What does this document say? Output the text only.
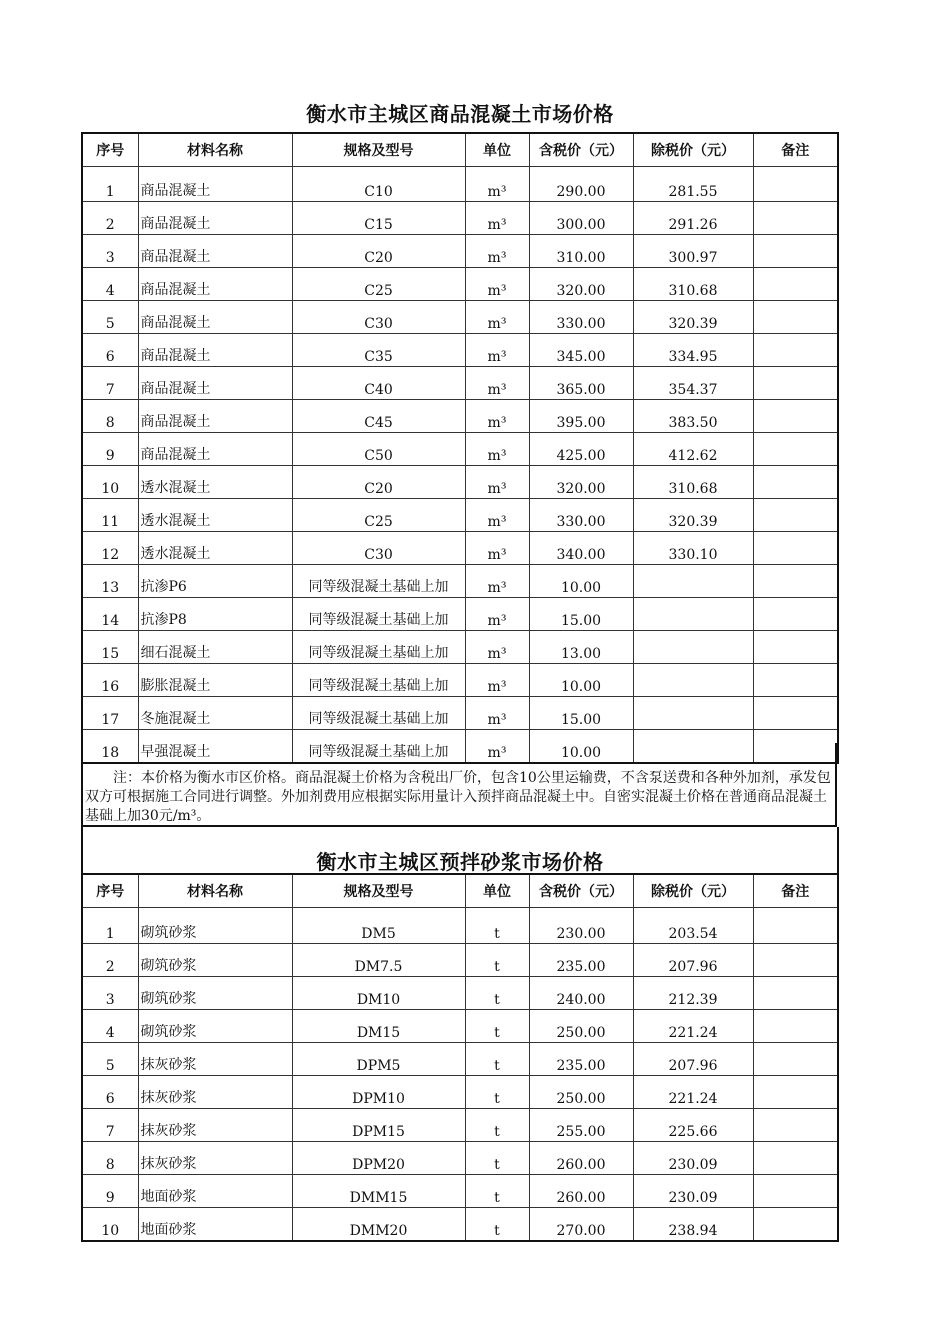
衡水市主城区商品混凝土市场价格
序号	材料名称	规格及型号	单位	含税价（元）	除税价（元）	备注
1	商品混凝土	C10	m³	290.00	281.55	
2	商品混凝土	C15	m³	300.00	291.26	
3	商品混凝土	C20	m³	310.00	300.97	
4	商品混凝土	C25	m³	320.00	310.68	
5	商品混凝土	C30	m³	330.00	320.39	
6	商品混凝土	C35	m³	345.00	334.95	
7	商品混凝土	C40	m³	365.00	354.37	
8	商品混凝土	C45	m³	395.00	383.50	
9	商品混凝土	C50	m³	425.00	412.62	
10	透水混凝土	C20	m³	320.00	310.68	
11	透水混凝土	C25	m³	330.00	320.39	
12	透水混凝土	C30	m³	340.00	330.10	
13	抗渗P6	同等级混凝土基础上加	m³	10.00		
14	抗渗P8	同等级混凝土基础上加	m³	15.00		
15	细石混凝土	同等级混凝土基础上加	m³	13.00		
16	膨胀混凝土	同等级混凝土基础上加	m³	10.00		
17	冬施混凝土	同等级混凝土基础上加	m³	15.00		
18	早强混凝土	同等级混凝土基础上加	m³	10.00		
注：本价格为衡水市区价格。商品混凝土价格为含税出厂价，包含10公里运输费，不含泵送费和各种外加剂，承发包双方可根据施工合同进行调整。外加剂费用应根据实际用量计入预拌商品混凝土中。自密实混凝土价格在普通商品混凝土基础上加30元/m³。
衡水市主城区预拌砂浆市场价格
序号	材料名称	规格及型号	单位	含税价（元）	除税价（元）	备注
1	砌筑砂浆	DM5	t	230.00	203.54	
2	砌筑砂浆	DM7.5	t	235.00	207.96	
3	砌筑砂浆	DM10	t	240.00	212.39	
4	砌筑砂浆	DM15	t	250.00	221.24	
5	抹灰砂浆	DPM5	t	235.00	207.96	
6	抹灰砂浆	DPM10	t	250.00	221.24	
7	抹灰砂浆	DPM15	t	255.00	225.66	
8	抹灰砂浆	DPM20	t	260.00	230.09	
9	地面砂浆	DMM15	t	260.00	230.09	
10	地面砂浆	DMM20	t	270.00	238.94	
